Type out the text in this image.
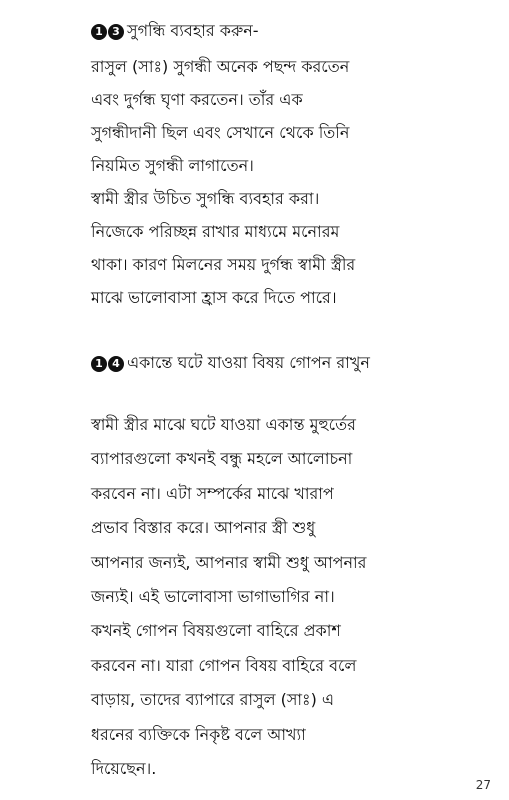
1 3 সুগন্ধি ব্যবহার করুন-
রাসুল (সাঃ) সুগন্ধী অনেক পছন্দ করতেন
এবং দুর্গন্ধ ঘৃণা করতেন। তাঁর এক
সুগন্ধীদানী ছিল এবং সেখানে থেকে তিনি
নিয়মিত সুগন্ধী লাগাতেন।
স্বামী স্ত্রীর উচিত সুগন্ধি ব্যবহার করা।
নিজেকে পরিচ্ছন্ন রাখার মাধ্যমে মনোরম
থাকা। কারণ মিলনের সময় দুর্গন্ধ স্বামী স্ত্রীর
মাঝে ভালোবাসা হ্রাস করে দিতে পারে।
1 4 একান্তে ঘটে যাওয়া বিষয় গোপন রাখুন
স্বামী স্ত্রীর মাঝে ঘটে যাওয়া একান্ত মুহুর্তের
ব্যাপারগুলো কখনই বন্ধু মহলে আলোচনা
করবেন না। এটা সম্পর্কের মাঝে খারাপ
প্রভাব বিস্তার করে। আপনার স্ত্রী শুধু
আপনার জন্যই, আপনার স্বামী শুধু আপনার
জন্যই। এই ভালোবাসা ভাগাভাগির না।
কখনই গোপন বিষয়গুলো বাহিরে প্রকাশ
করবেন না। যারা গোপন বিষয় বাহিরে বলে
বাড়ায়, তাদের ব্যাপারে রাসুল (সাঃ) এ
ধরনের ব্যক্তিকে নিকৃষ্ট বলে আখ্যা
দিয়েছেন।.
27
